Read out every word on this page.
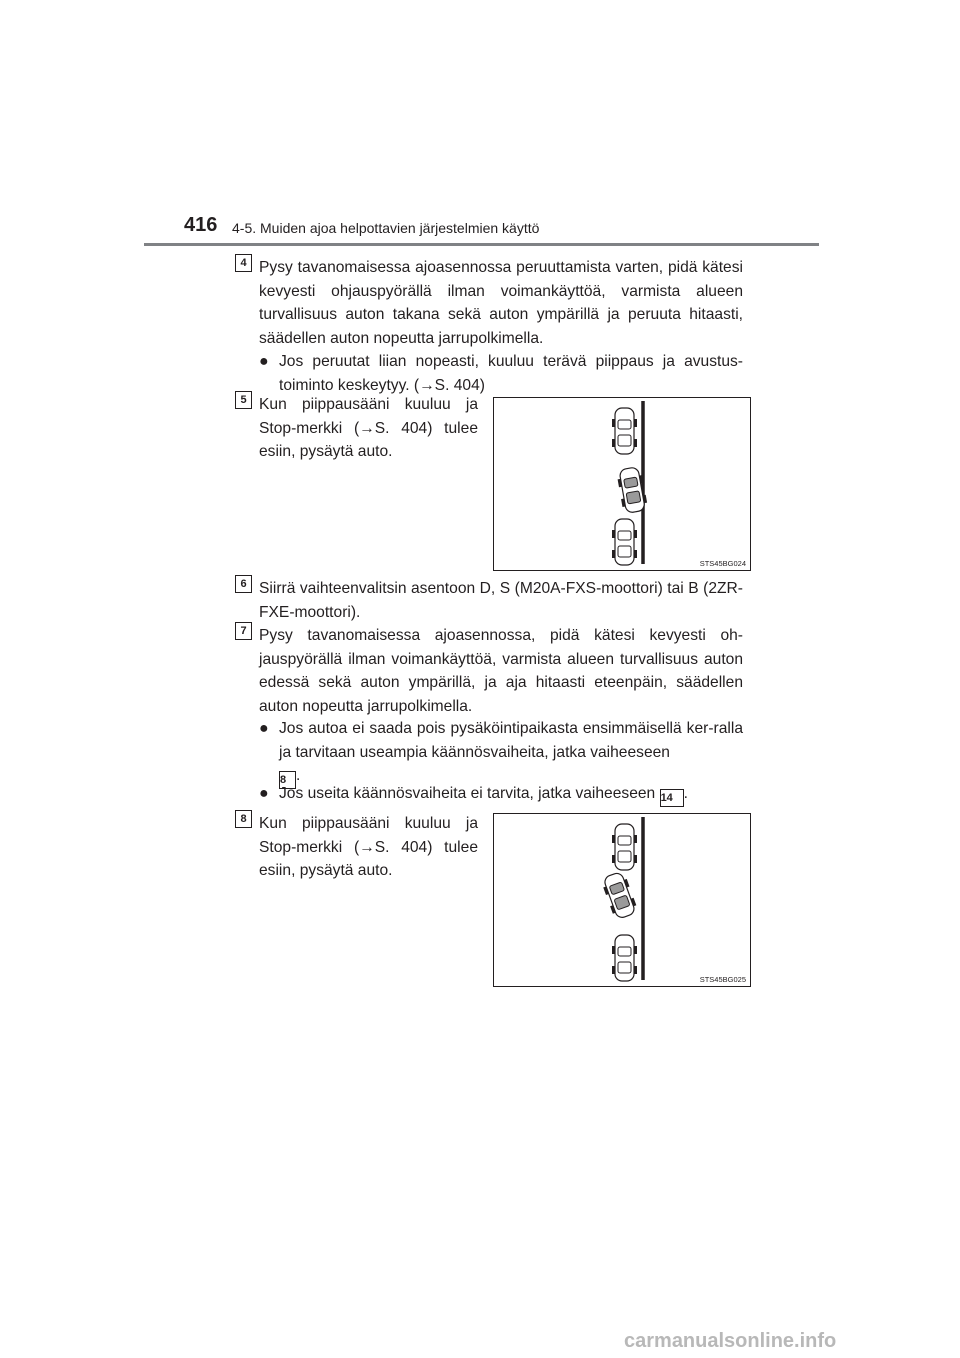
416 4-5. Muiden ajoa helpottavien järjestelmien käyttö
4 Pysy tavanomaisessa ajoasennossa peruuttamista varten, pidä kätesi kevyesti ohjauspyörällä ilman voimankäyttöä, varmista alueen turvallisuus auton takana sekä auton ympärillä ja peruuta hitaasti, säädellen auton nopeutta jarrupolkimella.

● Jos peruutat liian nopeasti, kuuluu terävä piippaus ja avustus-toiminto keskeytyy. (→S. 404)
5 Kun piippausääni kuuluu ja Stop-merkki (→S. 404) tulee esiin, pysäytä auto.

STS45BG024
6 Siirrä vaihteenvalitsin asentoon D, S (M20A-FXS-moottori) tai B (2ZR-FXE-moottori).

7 Pysy tavanomaisessa ajoasennossa, pidä kätesi kevyesti oh-jauspyörällä ilman voimankäyttöä, varmista alueen turvallisuus auton edessä sekä auton ympärillä, ja aja hitaasti eteenpäin, säädellen auton nopeutta jarrupolkimella.

● Jos autoa ei saada pois pysäköintipaikasta ensimmäisellä ker-ralla ja tarvitaan useampia käännösvaiheita, jatka vaiheeseen
8 .
● Jos useita käännösvaiheita ei tarvita, jatka vaiheeseen 14 .
8 Kun piippausääni kuuluu ja Stop-merkki (→S. 404) tulee esiin, pysäytä auto.

STS45BG025
carmanualsonline.info
